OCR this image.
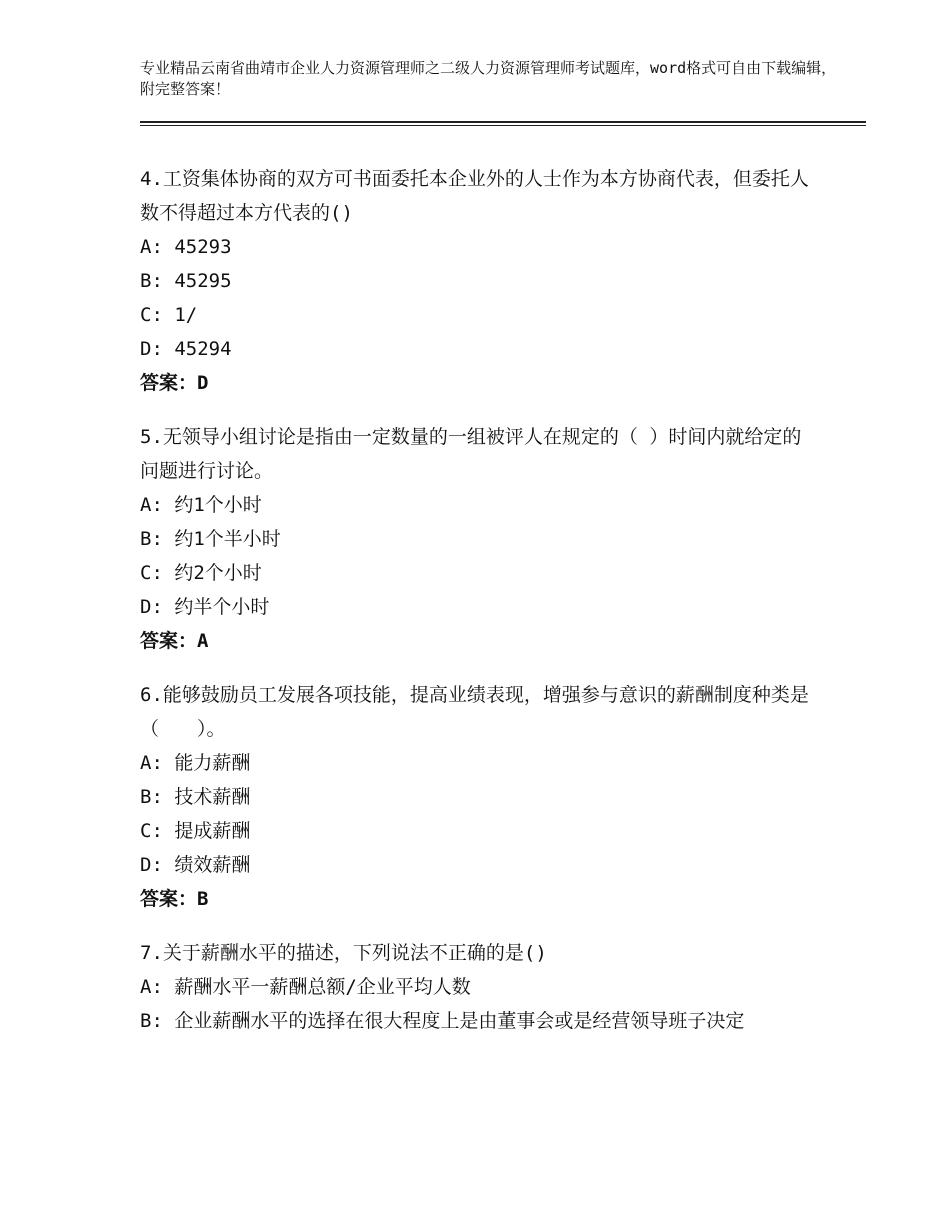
专业精品云南省曲靖市企业人力资源管理师之二级人力资源管理师考试题库，word格式可自由下载编辑，附完整答案！

4.工资集体协商的双方可书面委托本企业外的人士作为本方协商代表，但委托人数不得超过本方代表的()

A: 45293

B: 45295

C: 1/

D: 45294

答案：D

5.无领导小组讨论是指由一定数量的一组被评人在规定的（ ）时间内就给定的问题进行讨论。

A: 约1个小时

B: 约1个半小时

C: 约2个小时

D: 约半个小时

答案：A

6.能够鼓励员工发展各项技能，提高业绩表现，增强参与意识的薪酬制度种类是（　　）。

A: 能力薪酬

B: 技术薪酬

C: 提成薪酬

D: 绩效薪酬

答案：B

7.关于薪酬水平的描述，下列说法不正确的是()

A: 薪酬水平一薪酬总额/企业平均人数

B: 企业薪酬水平的选择在很大程度上是由董事会或是经营领导班子决定
